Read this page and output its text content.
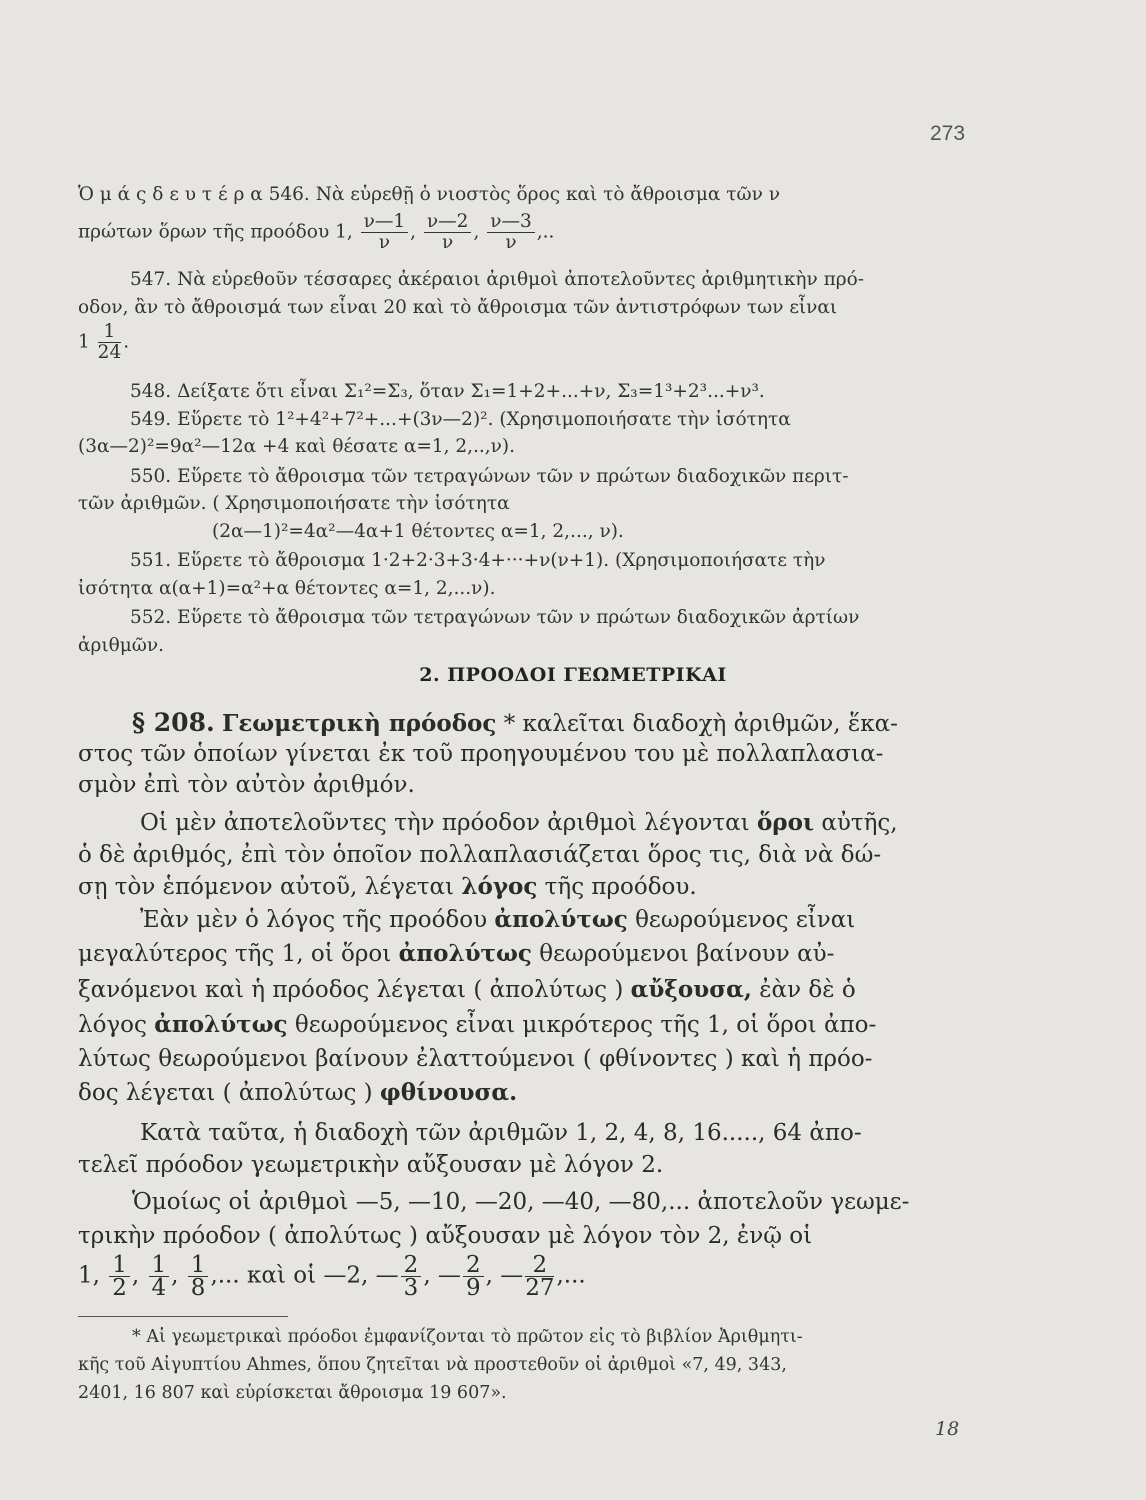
273
Ὁ μ ά ς δ ε υ τ έ ρ α 546. Νὰ εὑρεθῇ ὁ νιοστὸς ὅρος καὶ τὸ ἄθροισμα τῶν ν
πρώτων ὅρων τῆς προόδου 1, $\frac{\nu—1}{\nu}$ , $\frac{\nu—2}{\nu}$ , $\frac{\nu—3}{\nu}$ ,..
547. Νὰ εὑρεθοῦν τέσσαρες ἀκέραιοι ἀριθμοὶ ἀποτελοῦντες ἀριθμητικὴν πρό-
οδον, ἂν τὸ ἄθροισμά των εἶναι 20 καὶ τὸ ἄθροισμα τῶν ἀντιστρόφων των εἶναι
$1 \frac{1}{24}$ .
548. Δείξατε ὅτι εἶναι Σ₁²=Σ₃, ὅταν Σ₁=1+2+...+ν, Σ₃=1³+2³...+ν³.
549. Εὕρετε τὸ 1²+4²+7²+...+(3ν—2)². (Χρησιμοποιήσατε τὴν ἰσότητα
(3α—2)²=9α²—12α +4 καὶ θέσατε α=1, 2,..,ν).
550. Εὕρετε τὸ ἄθροισμα τῶν τετραγώνων τῶν ν πρώτων διαδοχικῶν περιτ-
τῶν ἀριθμῶν. ( Χρησιμοποιήσατε τὴν ἰσότητα
(2α—1)²=4α²—4α+1 θέτοντες α=1, 2,..., ν).
551. Εὕρετε τὸ ἄθροισμα 1·2+2·3+3·4+···+ν(ν+1). (Χρησιμοποιήσατε τὴν
ἰσότητα α(α+1)=α²+α θέτοντες α=1, 2,...ν).
552. Εὕρετε τὸ ἄθροισμα τῶν τετραγώνων τῶν ν πρώτων διαδοχικῶν ἀρτίων
ἀριθμῶν.
2. ΠΡΟΟΔΟΙ ΓΕΩΜΕΤΡΙΚΑΙ
§ 208. Γεωμετρικὴ πρόοδος * καλεῖται διαδοχὴ ἀριθμῶν, ἕκα-
στος τῶν ὁποίων γίνεται ἐκ τοῦ προηγουμένου του μὲ πολλαπλασια-
σμὸν ἐπὶ τὸν αὐτὸν ἀριθμόν.
Οἱ μὲν ἀποτελοῦντες τὴν πρόοδον ἀριθμοὶ λέγονται ὅροι αὐτῆς,
ὁ δὲ ἀριθμός, ἐπὶ τὸν ὁποῖον πολλαπλασιάζεται ὅρος τις, διὰ νὰ δώ-
σῃ τὸν ἑπόμενον αὐτοῦ, λέγεται λόγος τῆς προόδου.
Ἐὰν μὲν ὁ λόγος τῆς προόδου ἀπολύτως θεωρούμενος εἶναι
μεγαλύτερος τῆς 1, οἱ ὅροι ἀπολύτως θεωρούμενοι βαίνουν αὐ-
ξανόμενοι καὶ ἡ πρόοδος λέγεται ( ἀπολύτως ) αὔξουσα, ἐὰν δὲ ὁ
λόγος ἀπολύτως θεωρούμενος εἶναι μικρότερος τῆς 1, οἱ ὅροι ἀπο-
λύτως θεωρούμενοι βαίνουν ἐλαττούμενοι ( φθίνοντες ) καὶ ἡ πρόο-
δος λέγεται ( ἀπολύτως ) φθίνουσα.
Κατὰ ταῦτα, ἡ διαδοχὴ τῶν ἀριθμῶν 1, 2, 4, 8, 16....., 64 ἀπο-
τελεῖ πρόοδον γεωμετρικὴν αὔξουσαν μὲ λόγον 2.
Ὁμοίως οἱ ἀριθμοὶ —5, —10, —20, —40, —80,... ἀποτελοῦν γεωμε-
τρικὴν πρόοδον ( ἀπολύτως ) αὔξουσαν μὲ λόγον τὸν 2, ἐνῷ οἱ
1, $\frac{1}{2}$ , $\frac{1}{4}$ , $\frac{1}{8}$ ,... καὶ οἱ —2, — $\frac{2}{3}$ , — $\frac{2}{9}$ , — $\frac{2}{27}$ ,...
* Αἱ γεωμετρικαὶ πρόοδοι ἐμφανίζονται τὸ πρῶτον εἰς τὸ βιβλίον Ἀριθμητι-
κῆς τοῦ Αἰγυπτίου Ahmes, ὅπου ζητεῖται νὰ προστεθοῦν οἱ ἀριθμοὶ «7, 49, 343,
2401, 16 807 καὶ εὑρίσκεται ἄθροισμα 19 607».
18
